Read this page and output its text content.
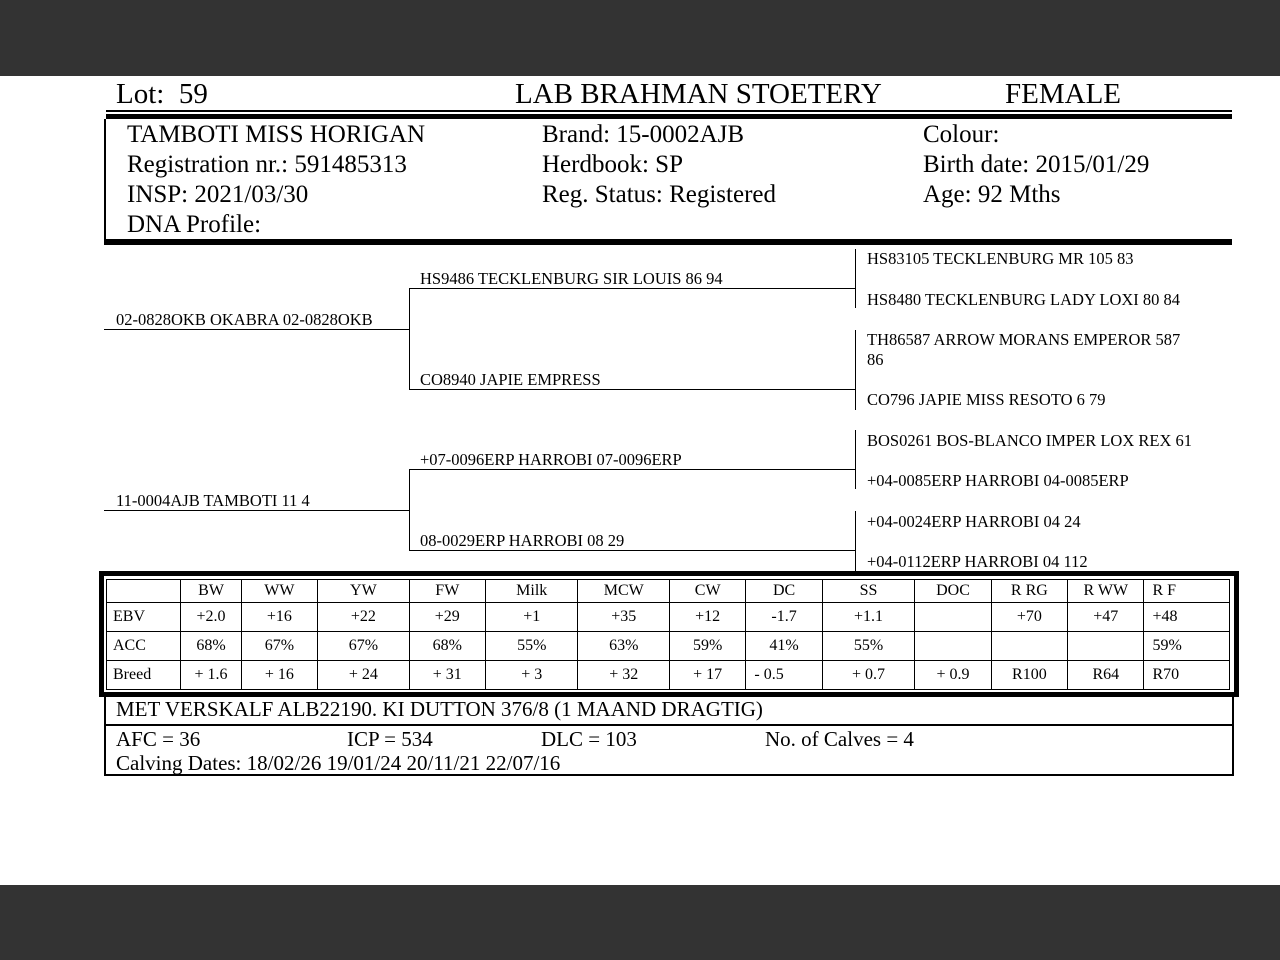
Lot: 59	LAB BRAHMAN STOETERY	FEMALE
TAMBOTI MISS HORIGAN
Registration nr.: 591485313
INSP: 2021/03/30
DNA Profile:
Brand: 15-0002AJB
Herdbook: SP
Reg. Status: Registered
Colour:
Birth date: 2015/01/29
Age: 92 Mths
02-0828OKB OKABRA 02-0828OKB
11-0004AJB TAMBOTI 11 4
HS9486 TECKLENBURG SIR LOUIS 86 94
CO8940 JAPIE EMPRESS
+07-0096ERP HARROBI 07-0096ERP
08-0029ERP HARROBI 08 29
HS83105 TECKLENBURG MR 105 83
HS8480 TECKLENBURG LADY LOXI 80 84
TH86587 ARROW MORANS EMPEROR 587
86
CO796 JAPIE MISS RESOTO 6 79
BOS0261 BOS-BLANCO IMPER LOX REX 61
+04-0085ERP HARROBI 04-0085ERP
+04-0024ERP HARROBI 04 24
+04-0112ERP HARROBI 04 112
	BW	WW	YW	FW	Milk	MCW	CW	DC	SS	DOC	R RG	R WW	R F
EBV	+2.0	+16	+22	+29	+1	+35	+12	-1.7	+1.1		+70	+47	+48
ACC	68%	67%	67%	68%	55%	63%	59%	41%	55%				59%
Breed	+ 1.6	+ 16	+ 24	+ 31	+ 3	+ 32	+ 17	- 0.5	+ 0.7	+ 0.9	R100	R64	R70
MET VERSKALF ALB22190. KI DUTTON 376/8 (1 MAAND DRAGTIG)
AFC = 36	ICP = 534	DLC = 103	No. of Calves = 4
Calving Dates: 18/02/26 19/01/24 20/11/21 22/07/16
